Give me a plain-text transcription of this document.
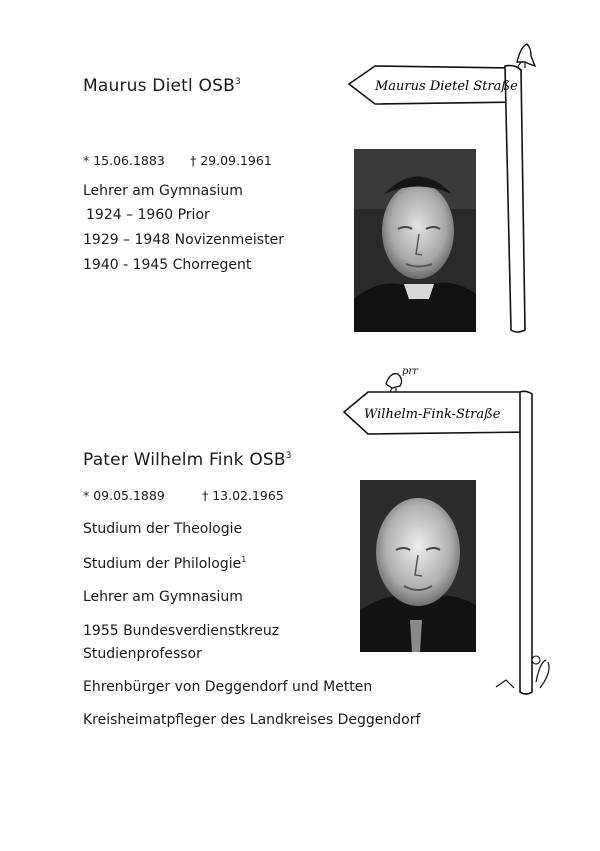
Maurus Dietl OSB$^3$
* 15.06.1883 † 29.09.1961
Lehrer am Gymnasium
1924 – 1960 Prior
1929 – 1948 Novizenmeister
1940 - 1945 Chorregent
Maurus Dietel Straße
prr
Wilhelm-Fink-Straße
Pater Wilhelm Fink OSB$^3$
* 09.05.1889	† 13.02.1965
Studium der Theologie
Studium der Philologie$^1$
Lehrer am Gymnasium
1955 Bundesverdienstkreuz
Studienprofessor
Ehrenbürger von Deggendorf und Metten
Kreisheimatpfleger des Landkreises Deggendorf
